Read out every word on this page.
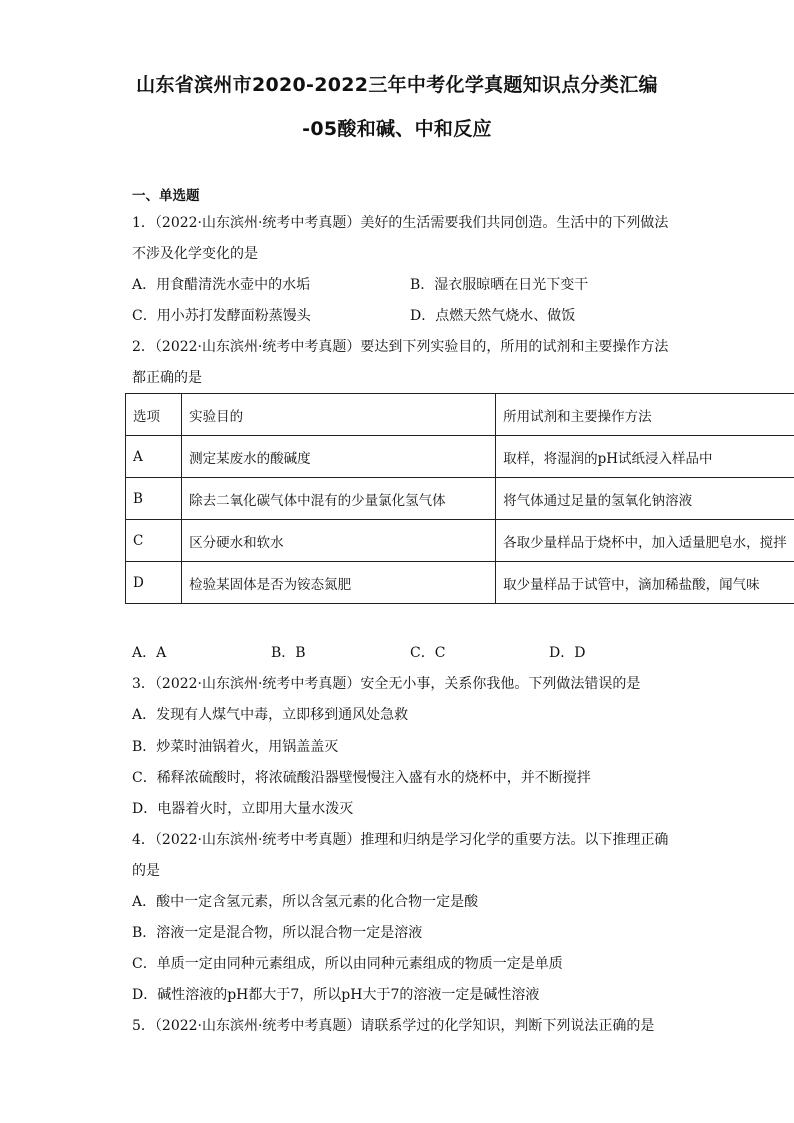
山东省滨州市2020-2022三年中考化学真题知识点分类汇编
-05酸和碱、中和反应
一、单选题
1．（2022·山东滨州·统考中考真题）美好的生活需要我们共同创造。生活中的下列做法
不涉及化学变化的是
A．用食醋清洗水壶中的水垢	B．湿衣服晾晒在日光下变干
C．用小苏打发酵面粉蒸馒头	D．点燃天然气烧水、做饭
2．（2022·山东滨州·统考中考真题）要达到下列实验目的，所用的试剂和主要操作方法
都正确的是
选项	实验目的	所用试剂和主要操作方法
A	测定某废水的酸碱度	取样，将湿润的pH试纸浸入样品中
B	除去二氧化碳气体中混有的少量氯化氢气体	将气体通过足量的氢氧化钠溶液
C	区分硬水和软水	各取少量样品于烧杯中，加入适量肥皂水，搅拌
D	检验某固体是否为铵态氮肥	取少量样品于试管中，滴加稀盐酸，闻气味
A．A	B．B	C．C	D．D
3．（2022·山东滨州·统考中考真题）安全无小事，关系你我他。下列做法错误的是
A．发现有人煤气中毒，立即移到通风处急救
B．炒菜时油锅着火，用锅盖盖灭
C．稀释浓硫酸时，将浓硫酸沿器壁慢慢注入盛有水的烧杯中，并不断搅拌
D．电器着火时，立即用大量水泼灭
4．（2022·山东滨州·统考中考真题）推理和归纳是学习化学的重要方法。以下推理正确
的是
A．酸中一定含氢元素，所以含氢元素的化合物一定是酸
B．溶液一定是混合物，所以混合物一定是溶液
C．单质一定由同种元素组成，所以由同种元素组成的物质一定是单质
D．碱性溶液的pH都大于7，所以pH大于7的溶液一定是碱性溶液
5．（2022·山东滨州·统考中考真题）请联系学过的化学知识，判断下列说法正确的是
